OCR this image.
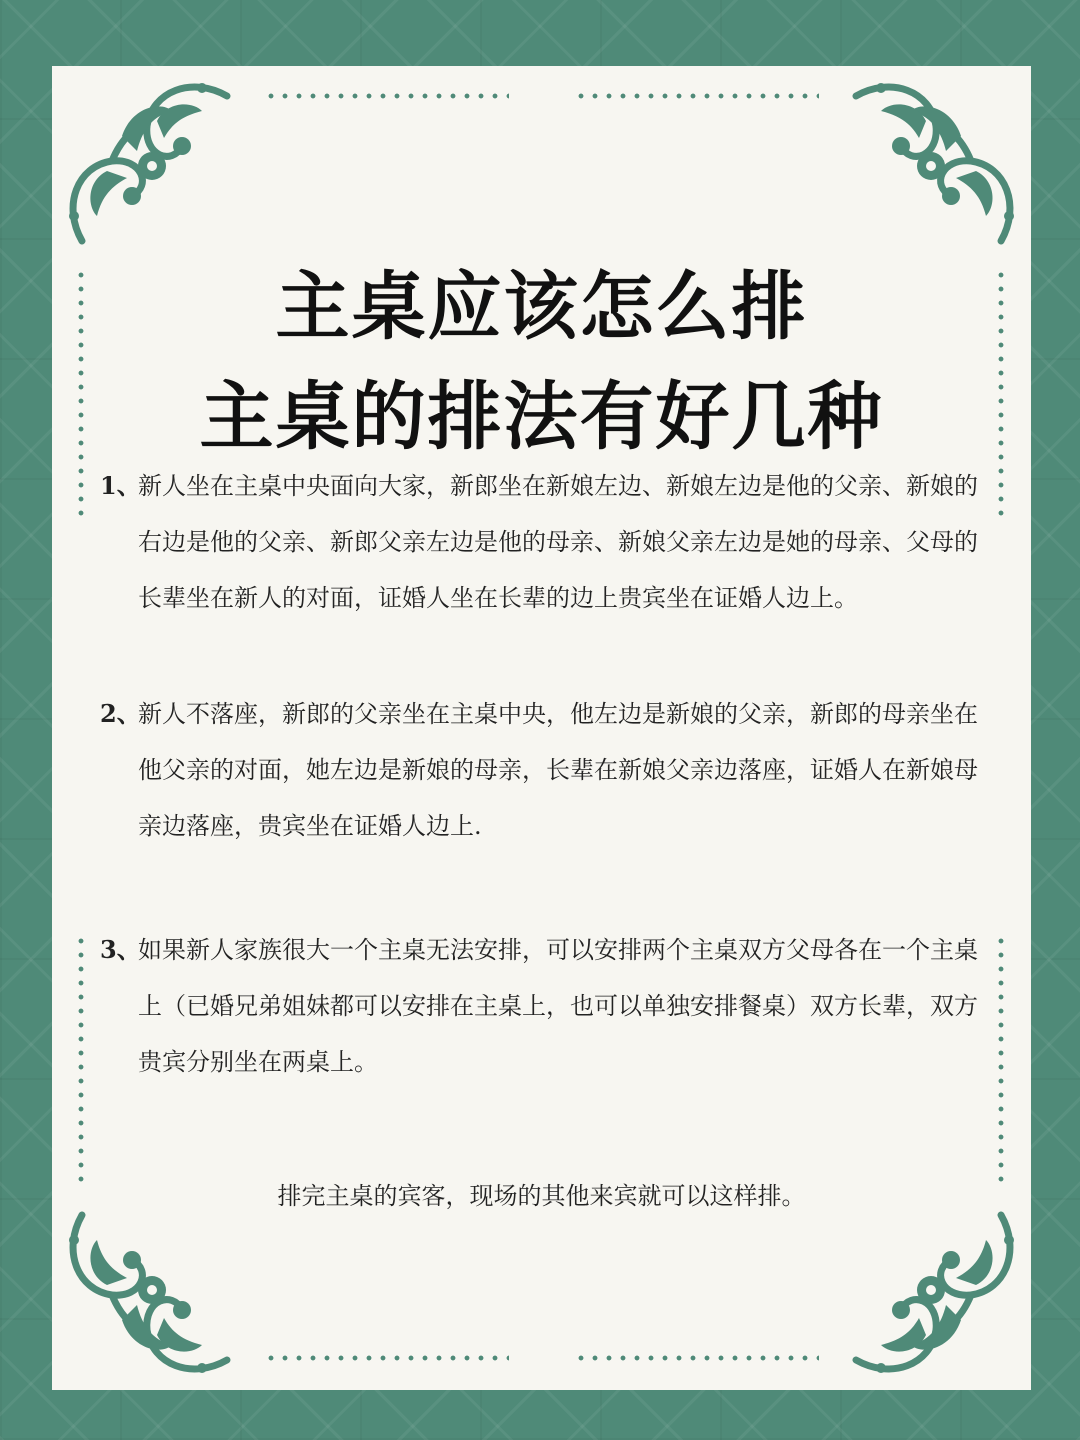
主桌应该怎么排
主桌的排法有好几种
1、
新人坐在主桌中央面向大家，新郎坐在新娘左边、新娘左边是他的父亲、新娘的右边是他的父亲、新郎父亲左边是他的母亲、新娘父亲左边是她的母亲、父母的长辈坐在新人的对面，证婚人坐在长辈的边上贵宾坐在证婚人边上。
2、
新人不落座，新郎的父亲坐在主桌中央，他左边是新娘的父亲，新郎的母亲坐在他父亲的对面，她左边是新娘的母亲，长辈在新娘父亲边落座，证婚人在新娘母亲边落座，贵宾坐在证婚人边上.
3、
如果新人家族很大一个主桌无法安排，可以安排两个主桌双方父母各在一个主桌上（已婚兄弟姐妹都可以安排在主桌上，也可以单独安排餐桌）双方长辈，双方贵宾分别坐在两桌上。
排完主桌的宾客，现场的其他来宾就可以这样排。
